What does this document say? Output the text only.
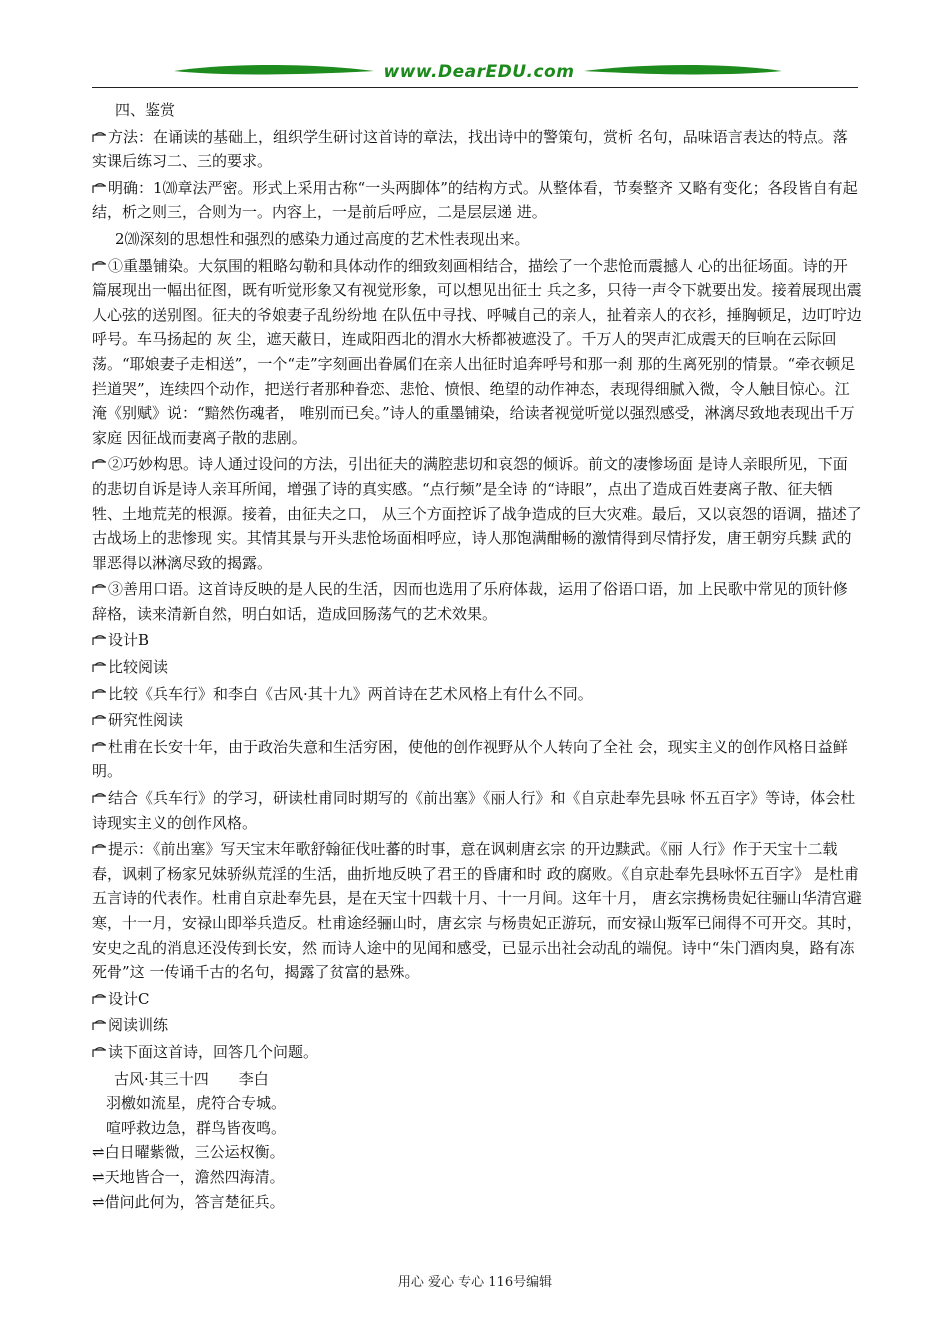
www.DearEDU.com

四、鉴赏

方法：在诵读的基础上，组织学生研讨这首诗的章法，找出诗中的警策句，赏析 名句，品味语言表达的特点。落实课后练习二、三的要求。

明确：1⒇章法严密。形式上采用古称“一头两脚体”的结构方式。从整体看，节奏整齐 又略有变化；各段皆自有起结，析之则三，合则为一。内容上，一是前后呼应，二是层层递 进。

2⒇深刻的思想性和强烈的感染力通过高度的艺术性表现出来。

①重墨铺染。大氛围的粗略勾勒和具体动作的细致刻画相结合，描绘了一个悲怆而震撼人 心的出征场面。诗的开篇展现出一幅出征图，既有听觉形象又有视觉形象，可以想见出征士 兵之多，只待一声令下就要出发。接着展现出震人心弦的送别图。征夫的爷娘妻子乱纷纷地 在队伍中寻找、呼喊自己的亲人，扯着亲人的衣衫，捶胸顿足，边叮咛边呼号。车马扬起的 灰 尘，遮天蔽日，连咸阳西北的渭水大桥都被遮没了。千万人的哭声汇成震天的巨响在云际回 荡。“耶娘妻子走相送”，一个“走”字刻画出眷属们在亲人出征时追奔呼号和那一刹 那的生离死别的情景。“牵衣顿足拦道哭”，连续四个动作，把送行者那种眷恋、悲怆、愤恨、绝望的动作神态，表现得细腻入微，令人触目惊心。江淹《别赋》说：“黯然伤魂者， 唯别而已矣。”诗人的重墨铺染，给读者视觉听觉以强烈感受，淋漓尽致地表现出千万家庭 因征战而妻离子散的悲剧。

②巧妙构思。诗人通过设问的方法，引出征夫的满腔悲切和哀怨的倾诉。前文的凄惨场面 是诗人亲眼所见，下面的悲切自诉是诗人亲耳所闻，增强了诗的真实感。“点行频”是全诗 的“诗眼”，点出了造成百姓妻离子散、征夫牺牲、土地荒芜的根源。接着，由征夫之口， 从三个方面控诉了战争造成的巨大灾难。最后，又以哀怨的语调，描述了古战场上的悲惨现 实。其情其景与开头悲怆场面相呼应，诗人那饱满酣畅的激情得到尽情抒发，唐王朝穷兵黩 武的罪恶得以淋漓尽致的揭露。

③善用口语。这首诗反映的是人民的生活，因而也选用了乐府体裁，运用了俗语口语，加 上民歌中常见的顶针修辞格，读来清新自然，明白如话，造成回肠荡气的艺术效果。

设计B

比较阅读

比较《兵车行》和李白《古风·其十九》两首诗在艺术风格上有什么不同。

研究性阅读

杜甫在长安十年，由于政治失意和生活穷困，使他的创作视野从个人转向了全社 会，现实主义的创作风格日益鲜明。

结合《兵车行》的学习，研读杜甫同时期写的《前出塞》《丽人行》和《自京赴奉先县咏 怀五百字》等诗，体会杜诗现实主义的创作风格。

提示：《前出塞》写天宝末年歌舒翰征伐吐蕃的时事，意在讽刺唐玄宗 的开边黩武。《丽 人行》作于天宝十二载春，讽刺了杨家兄妹骄纵荒淫的生活，曲折地反映了君王的昏庸和时 政的腐败。《自京赴奉先县咏怀五百字》 是杜甫五言诗的代表作。杜甫自京赴奉先县，是在天宝十四载十月、十一月间。这年十月， 唐玄宗携杨贵妃往骊山华清宫避寒，十一月，安禄山即举兵造反。杜甫途经骊山时，唐玄宗 与杨贵妃正游玩，而安禄山叛军已闹得不可开交。其时，安史之乱的消息还没传到长安，然 而诗人途中的见闻和感受，已显示出社会动乱的端倪。诗中“朱门酒肉臭，路有冻死骨”这 一传诵千古的名句，揭露了贫富的悬殊。

设计C

阅读训练

读下面这首诗，回答几个问题。

古风·其三十四　　李白

羽檄如流星，虎符合专城。

喧呼救边急，群鸟皆夜鸣。

⇌白日曜紫微，三公运权衡。

⇌天地皆合一，澹然四海清。

⇌借问此何为，答言楚征兵。

用心 爱心 专心 116号编辑
